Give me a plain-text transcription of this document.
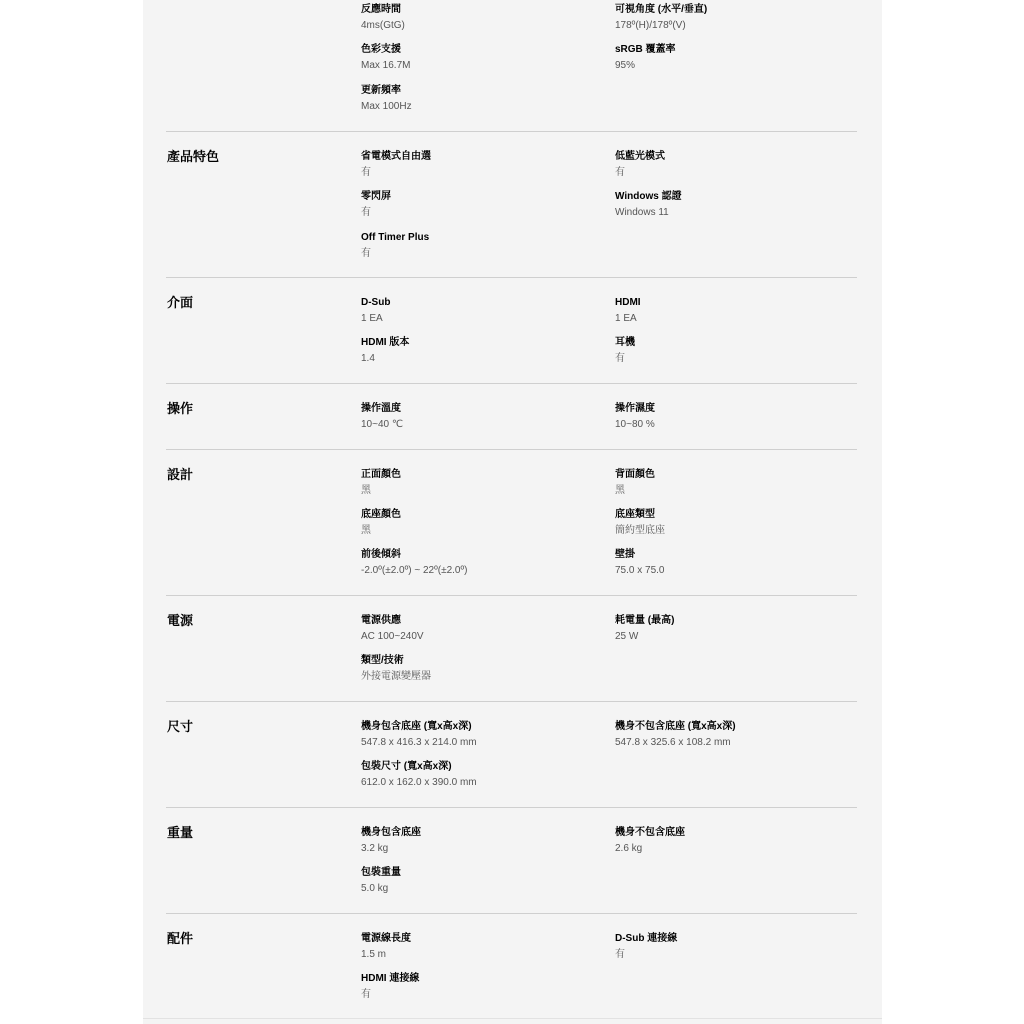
反應時間
4ms(GtG)
可視角度 (水平/垂直)
178º(H)/178º(V)
色彩支援
Max 16.7M
sRGB 覆蓋率
95%
更新頻率
Max 100Hz
產品特色	省電模式自由選
有
低藍光模式
有
零閃屏
有
Windows 認證
Windows 11
Off Timer Plus
有
介面	D-Sub
1 EA
HDMI
1 EA
HDMI 版本
1.4
耳機
有
操作	操作溫度
10~40 ℃
操作濕度
10~80 %
設計	正面顏色
黑
背面顏色
黑
底座顏色
黑
底座類型
簡約型底座
前後傾斜
-2.0º(±2.0º) ~ 22º(±2.0º)
壁掛
75.0 x 75.0
電源	電源供應
AC 100~240V
耗電量 (最高)
25 W
類型/技術
外接電源變壓器
尺寸	機身包含底座 (寬x高x深)
547.8 x 416.3 x 214.0 mm
機身不包含底座 (寬x高x深)
547.8 x 325.6 x 108.2 mm
包裝尺寸 (寬x高x深)
612.0 x 162.0 x 390.0 mm
重量	機身包含底座
3.2 kg
機身不包含底座
2.6 kg
包裝重量
5.0 kg
配件	電源線長度
1.5 m
D-Sub 連接線
有
HDMI 連接線
有
